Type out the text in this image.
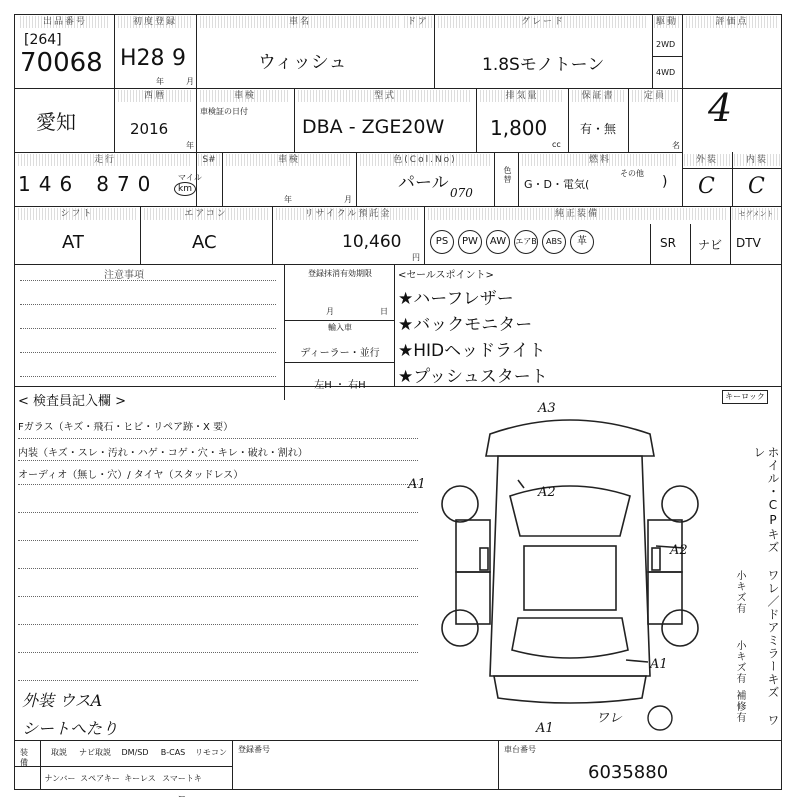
出品番号
[264]
70068
初度登録
H28 9
年	月
車名
ウィッシュ
ドア	グレード
1.8Sモノトーン
駆動
2WD
4WD
評価点
4
愛知
西暦
2016
年
車検
車検証の日付
型式
DBA - ZGE20W
排気量
1,800
cc
保証書
有・無
定員
名
走行
1 4 6 8 7 0	マイル
km
S#	車検
年	月
色(Col.No)
パール 070
色替
燃料
G・D・電気(
その他
)
外装
C
内装
C
シフト
AT
エアコン
AC
リサイクル預託金
10,460
円
純正装備
PS	PW	AW	エアB	ABS	革	SR ナビ
セグメント
DTV
注意事項	登録抹消有効期限
月	日
輸入車
ディーラー・並行
左H ・ 右H
<セールスポイント>
★ハーフレザー
★バックモニター
★HIDヘッドライト
★プッシュスタート
< 検査員記入欄 >
Fガラス（キズ・飛石・ヒビ・リペア跡・X 要）
内装（キズ・スレ・汚れ・ハゲ・コゲ・穴・キレ・破れ・割れ）
オーディオ（無し・穴）/ タイヤ（スタッドレス）
外装 ウスA
シートへたり
キーロック
ホイル・CPキズ ワレ／ドアミラーキズ ワレ
小キズ有
小キズ有
補修有
A3
A2
A1
A2
A1
A1
ワレ
装備
取説	ナビ取説	DM/SD	B-CAS	リモコン
ナンバー スペアキー キーレス スマートキー
登録番号	車台番号
6035880
